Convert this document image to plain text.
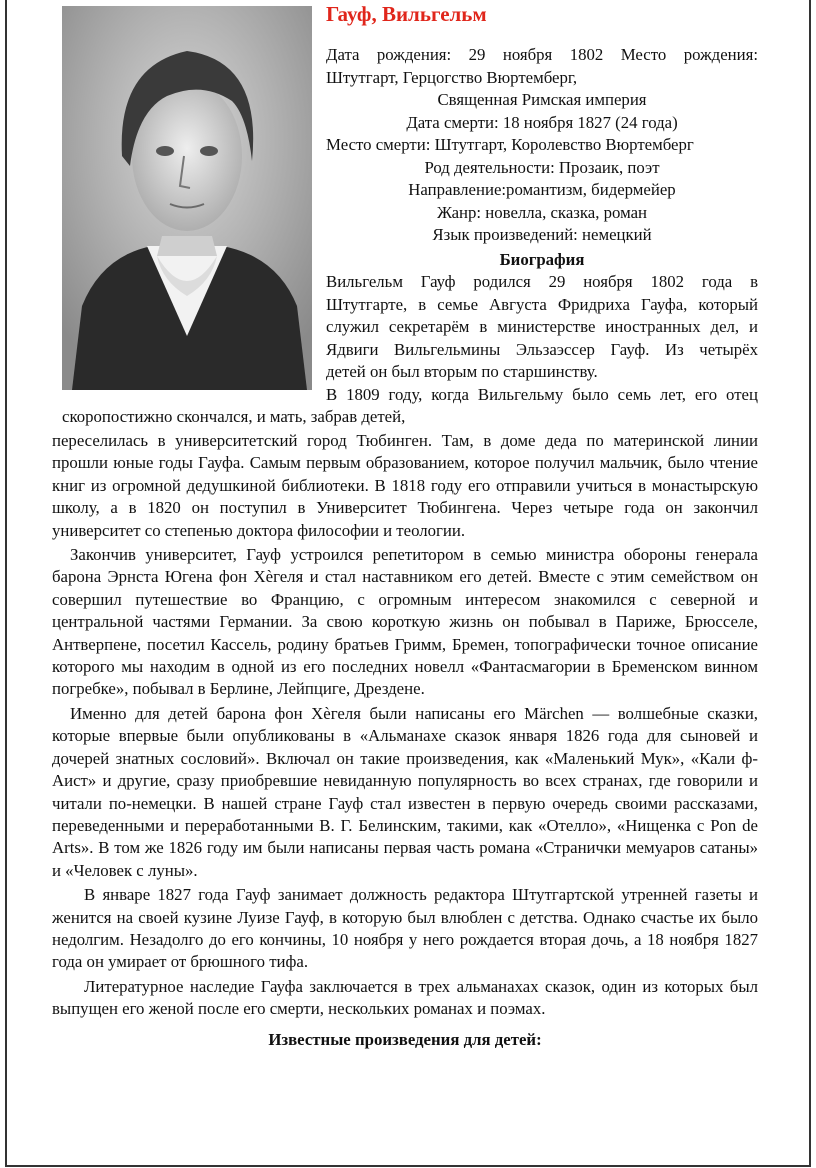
Гауф, Вильгельм

Дата рождения: 29 ноября 1802 Место рождения:

Штутгарт, Герцогство Вюртемберг,

Священная Римская империя

Дата смерти: 18 ноября 1827 (24 года)

Место смерти: Штутгарт, Королевство Вюртемберг

Род деятельности: Прозаик, поэт

Направление:романтизм, бидермейер

Жанр: новелла, сказка, роман

Язык произведений: немецкий

Биография

Вильгельм Гауф родился 29 ноября 1802 года в

Штутгарте, в семье Августа Фридриха Гауфа, который

служил секретарём в министерстве иностранных дел, и

Ядвиги Вильгельмины Эльзаэссер Гауф. Из четырёх

детей он был вторым по старшинству.

В 1809 году, когда Вильгельму было семь лет, его отец

скоропостижно скончался, и мать, забрав детей,

переселилась в университетский город Тюбинген. Там, в доме деда по материнской линии прошли юные годы Гауфа. Самым первым образованием, которое получил мальчик, было чтение книг из огромной дедушкиной библиотеки. В 1818 году его отправили учиться в монастырскую школу, а в 1820 он поступил в Университет Тюбингена. Через четыре года он закончил университет со степенью доктора философии и теологии.

Закончив университет, Гауф устроился репетитором в семью министра обороны генерала барона Эрнста Югена фон Хѐгеля и стал наставником его детей. Вместе с этим семейством он совершил путешествие во Францию, с огромным интересом знакомился с северной и центральной частями Германии. За свою короткую жизнь он побывал в Париже, Брюсселе, Антверпене, посетил Кассель, родину братьев Гримм, Бремен, топографически точное описание которого мы находим в одной из его последних новелл «Фантасмагории в Бременском винном погребке», побывал в Берлине, Лейпциге, Дрездене.

Именно для детей барона фон Хѐгеля были написаны его Märchen — волшебные сказки, которые впервые были опубликованы в «Альманахе сказок января 1826 года для сыновей и дочерей знатных сословий». Включал он такие произведения, как «Маленький Мук», «Кали ф-Аист» и другие, сразу приобревшие невиданную популярность во всех странах, где говорили и читали по-немецки. В нашей стране Гауф стал известен в первую очередь своими рассказами, переведенными и переработанными В. Г. Белинским, такими, как «Отелло», «Нищенка с Pon de Arts». В том же 1826 году им были написаны первая часть романа «Странички мемуаров сатаны» и «Человек с луны».

В январе 1827 года Гауф занимает должность редактора Штутгартской утренней газеты и женится на своей кузине Луизе Гауф, в которую был влюблен с детства. Однако счастье их было недолгим. Незадолго до его кончины, 10 ноября у него рождается вторая дочь, а 18 ноября 1827 года он умирает от брюшного тифа.

Литературное наследие Гауфа заключается в трех альманахах сказок, один из которых был выпущен его женой после его смерти, нескольких романах и поэмах.

Известные произведения для детей:
